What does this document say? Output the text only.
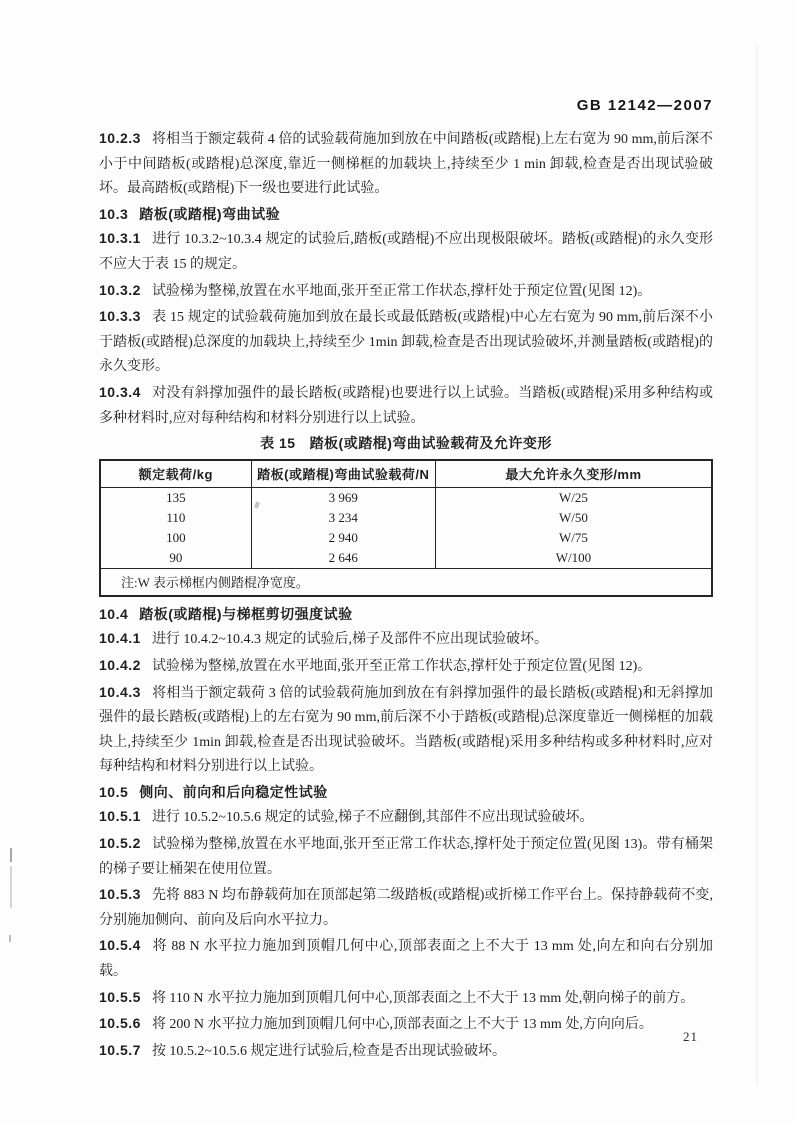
GB 12142—2007

10.2.3 将相当于额定载荷 4 倍的试验载荷施加到放在中间踏板(或踏棍)上左右宽为 90 mm,前后深不小于中间踏板(或踏棍)总深度,靠近一侧梯框的加载块上,持续至少 1 min 卸载,检查是否出现试验破坏。最高踏板(或踏棍)下一级也要进行此试验。

10.3 踏板(或踏棍)弯曲试验

10.3.1 进行 10.3.2~10.3.4 规定的试验后,踏板(或踏棍)不应出现极限破坏。踏板(或踏棍)的永久变形不应大于表 15 的规定。

10.3.2 试验梯为整梯,放置在水平地面,张开至正常工作状态,撑杆处于预定位置(见图 12)。

10.3.3 表 15 规定的试验载荷施加到放在最长或最低踏板(或踏棍)中心左右宽为 90 mm,前后深不小于踏板(或踏棍)总深度的加载块上,持续至少 1min 卸载,检查是否出现试验破坏,并测量踏板(或踏棍)的永久变形。

10.3.4 对没有斜撑加强件的最长踏板(或踏棍)也要进行以上试验。当踏板(或踏棍)采用多种结构或多种材料时,应对每种结构和材料分别进行以上试验。

表 15 踏板(或踏棍)弯曲试验载荷及允许变形

额定载荷/kg	踏板(或踏棍)弯曲试验载荷/N	最大允许永久变形/mm
135	3 969	W/25
110	3 234	W/50
100	2 940	W/75
90	2 646	W/100
注:W 表示梯框内侧踏棍净宽度。		

10.4 踏板(或踏棍)与梯框剪切强度试验

10.4.1 进行 10.4.2~10.4.3 规定的试验后,梯子及部件不应出现试验破坏。

10.4.2 试验梯为整梯,放置在水平地面,张开至正常工作状态,撑杆处于预定位置(见图 12)。

10.4.3 将相当于额定载荷 3 倍的试验载荷施加到放在有斜撑加强件的最长踏板(或踏棍)和无斜撑加强件的最长踏板(或踏棍)上的左右宽为 90 mm,前后深不小于踏板(或踏棍)总深度靠近一侧梯框的加载块上,持续至少 1min 卸载,检查是否出现试验破坏。当踏板(或踏棍)采用多种结构或多种材料时,应对每种结构和材料分别进行以上试验。

10.5 侧向、前向和后向稳定性试验

10.5.1 进行 10.5.2~10.5.6 规定的试验,梯子不应翻倒,其部件不应出现试验破坏。

10.5.2 试验梯为整梯,放置在水平地面,张开至正常工作状态,撑杆处于预定位置(见图 13)。带有桶架的梯子要让桶架在使用位置。

10.5.3 先将 883 N 均布静载荷加在顶部起第二级踏板(或踏棍)或折梯工作平台上。保持静载荷不变,分别施加侧向、前向及后向水平拉力。

10.5.4 将 88 N 水平拉力施加到顶帽几何中心,顶部表面之上不大于 13 mm 处,向左和向右分别加载。

10.5.5 将 110 N 水平拉力施加到顶帽几何中心,顶部表面之上不大于 13 mm 处,朝向梯子的前方。

10.5.6 将 200 N 水平拉力施加到顶帽几何中心,顶部表面之上不大于 13 mm 处,方向向后。

10.5.7 按 10.5.2~10.5.6 规定进行试验后,检查是否出现试验破坏。

21
